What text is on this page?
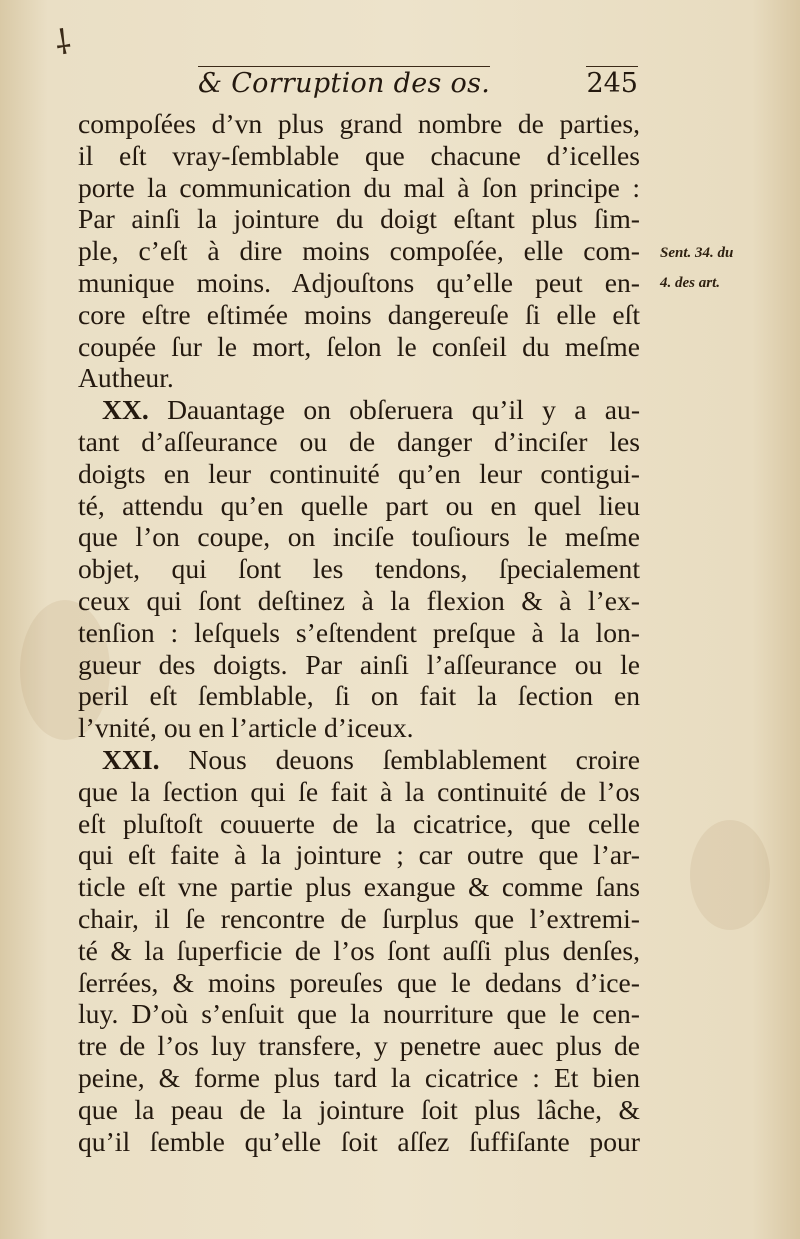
⸸
& Corruption des os.	245
Sent. 34. du
4. des art.
compoſées d’vn plus grand nombre de parties,
il eſt vray-ſemblable que chacune d’icelles
porte la communication du mal à ſon principe :
Par ainſi la jointure du doigt eſtant plus ſim-
ple, c’eſt à dire moins compoſée, elle com-
munique moins. Adjouſtons qu’elle peut en-
core eſtre eſtimée moins dangereuſe ſi elle eſt
coupée ſur le mort, ſelon le conſeil du meſme
Autheur.
XX. Dauantage on obſeruera qu’il y a au-
tant d’aſſeurance ou de danger d’inciſer les
doigts en leur continuité qu’en leur contigui-
té, attendu qu’en quelle part ou en quel lieu
que l’on coupe, on inciſe touſiours le meſme
objet, qui ſont les tendons, ſpecialement
ceux qui ſont deſtinez à la flexion & à l’ex-
tenſion : leſquels s’eſtendent preſque à la lon-
gueur des doigts. Par ainſi l’aſſeurance ou le
peril eſt ſemblable, ſi on fait la ſection en
l’vnité, ou en l’article d’iceux.
XXI. Nous deuons ſemblablement croire
que la ſection qui ſe fait à la continuité de l’os
eſt pluſtoſt couuerte de la cicatrice, que celle
qui eſt faite à la jointure ; car outre que l’ar-
ticle eſt vne partie plus exangue & comme ſans
chair, il ſe rencontre de ſurplus que l’extremi-
té & la ſuperficie de l’os ſont auſſi plus denſes,
ſerrées, & moins poreuſes que le dedans d’ice-
luy. D’où s’enſuit que la nourriture que le cen-
tre de l’os luy transfere, y penetre auec plus de
peine, & forme plus tard la cicatrice : Et bien
que la peau de la jointure ſoit plus lâche, &
qu’il ſemble qu’elle ſoit aſſez ſuffiſante pour
